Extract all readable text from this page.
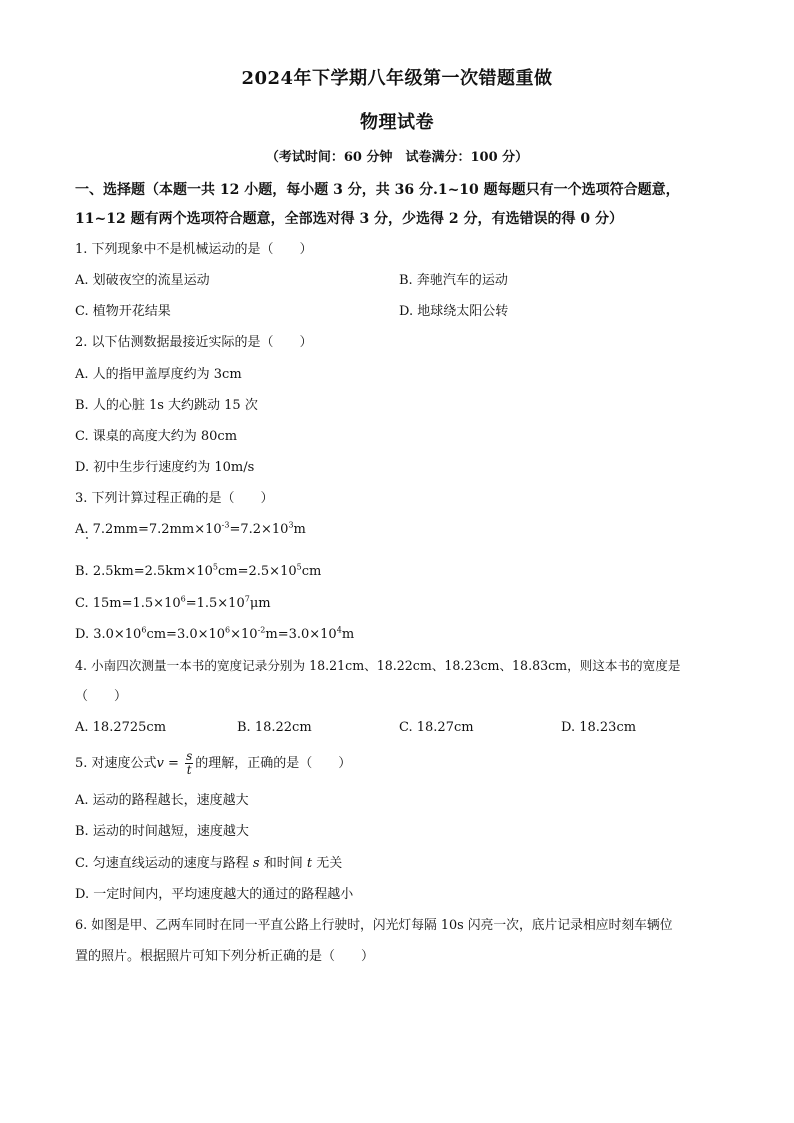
2024年下学期八年级第一次错题重做
物理试卷
（考试时间：60 分钟　试卷满分：100 分）
一、选择题（本题一共 12 小题，每小题 3 分，共 36 分.1~10 题每题只有一个选项符合题意，11~12 题有两个选项符合题意，全部选对得 3 分，少选得 2 分，有选错误的得 0 分）
1. 下列现象中不是机械运动的是（　　）
A. 划破夜空的流星运动	B. 奔驰汽车的运动
C. 植物开花结果	D. 地球绕太阳公转
2. 以下估测数据最接近实际的是（　　）
A. 人的指甲盖厚度约为 3cm
B. 人的心脏 1s 大约跳动 15 次
C. 课桌的高度大约为 80cm
D. 初中生步行速度约为 10m/s
3. 下列计算过程正确的是（　　）
A. $7.2mm=7.2mm\times 10^{-3}=7.2\times 10^3m$
B. $2.5km=2.5km\times 10^5cm=2.5\times 10^5cm$
C. $15m=1.5\times 10^6=1.5\times 10^7\mu m$
D. $3.0\times 10^6cm=3.0\times 10^6\times 10^{-2}m=3.0\times 10^4m$
4. 小南四次测量一本书的宽度记录分别为 18.21cm、18.22cm、18.23cm、18.83cm，则这本书的宽度是
（　　）
A. 18.2725cm	B. 18.22cm	C. 18.27cm	D. 18.23cm
5. 对速度公式$v = \frac{s}{t}$ 的理解，正确的是（　　）
A. 运动的路程越长，速度越大
B. 运动的时间越短，速度越大
C. 匀速直线运动的速度与路程 s 和时间 t 无关
D. 一定时间内，平均速度越大的通过的路程越小
6. 如图是甲、乙两车同时在同一平直公路上行驶时，闪光灯每隔 10s 闪亮一次，底片记录相应时刻车辆位
置的照片。根据照片可知下列分析正确的是（　　）
